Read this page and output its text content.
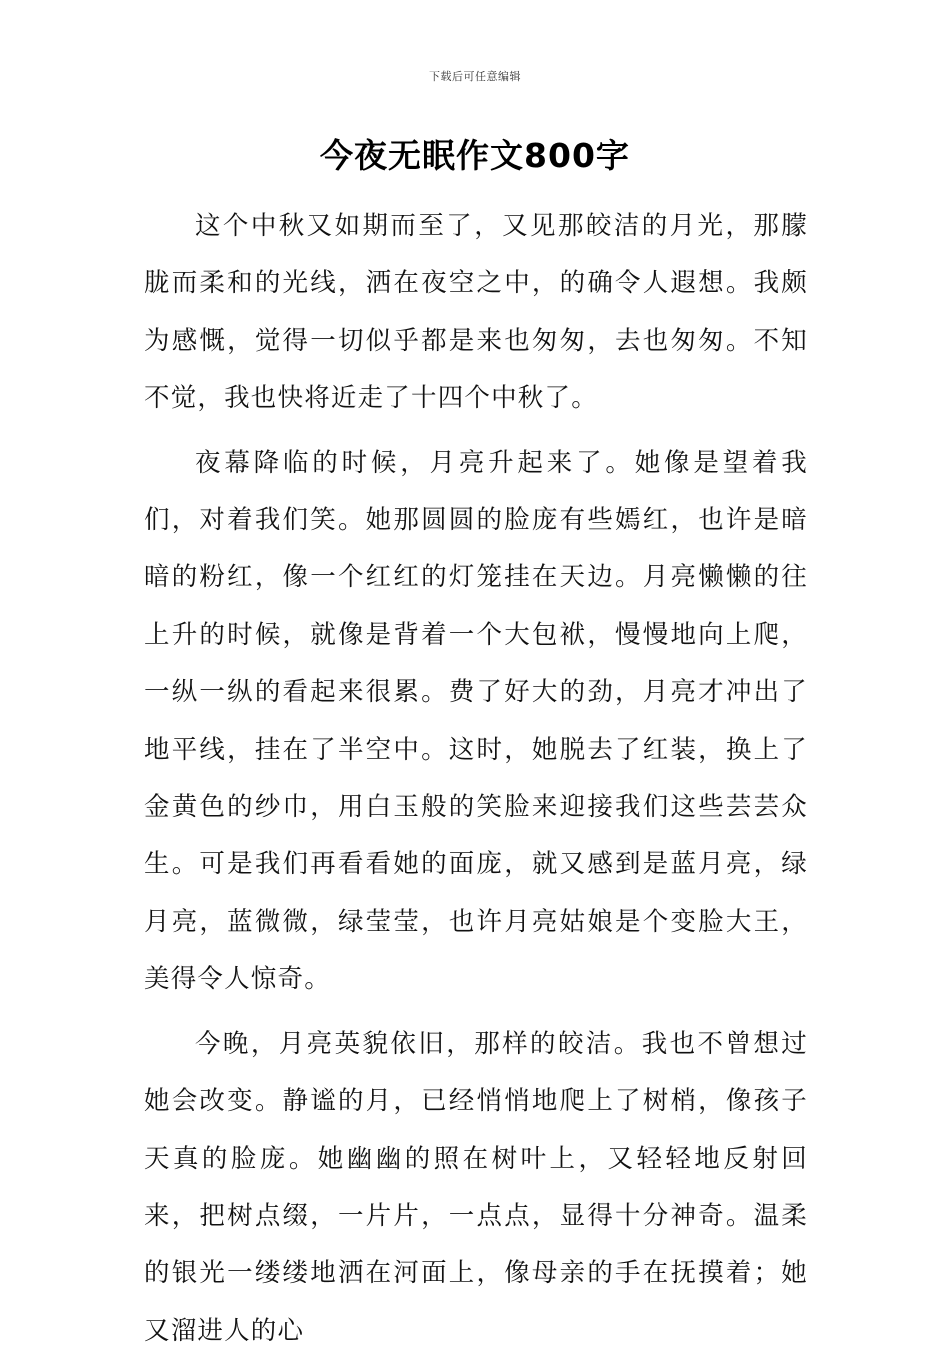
下载后可任意编辑
今夜无眠作文800字

这个中秋又如期而至了，又见那皎洁的月光，那朦胧而柔和的光线，洒在夜空之中，的确令人遐想。我颇为感慨，觉得一切似乎都是来也匆匆，去也匆匆。不知不觉，我也快将近走了十四个中秋了。

夜幕降临的时候，月亮升起来了。她像是望着我们，对着我们笑。她那圆圆的脸庞有些嫣红，也许是暗暗的粉红，像一个红红的灯笼挂在天边。月亮懒懒的往上升的时候，就像是背着一个大包袱，慢慢地向上爬，一纵一纵的看起来很累。费了好大的劲，月亮才冲出了地平线，挂在了半空中。这时，她脱去了红装，换上了金黄色的纱巾，用白玉般的笑脸来迎接我们这些芸芸众生。可是我们再看看她的面庞，就又感到是蓝月亮，绿月亮，蓝微微，绿莹莹，也许月亮姑娘是个变脸大王，美得令人惊奇。

今晚，月亮英貌依旧，那样的皎洁。我也不曾想过她会改变。静谧的月，已经悄悄地爬上了树梢，像孩子天真的脸庞。她幽幽的照在树叶上，又轻轻地反射回来，把树点缀，一片片，一点点，显得十分神奇。温柔的银光一缕缕地洒在河面上，像母亲的手在抚摸着；她又溜进人的心
